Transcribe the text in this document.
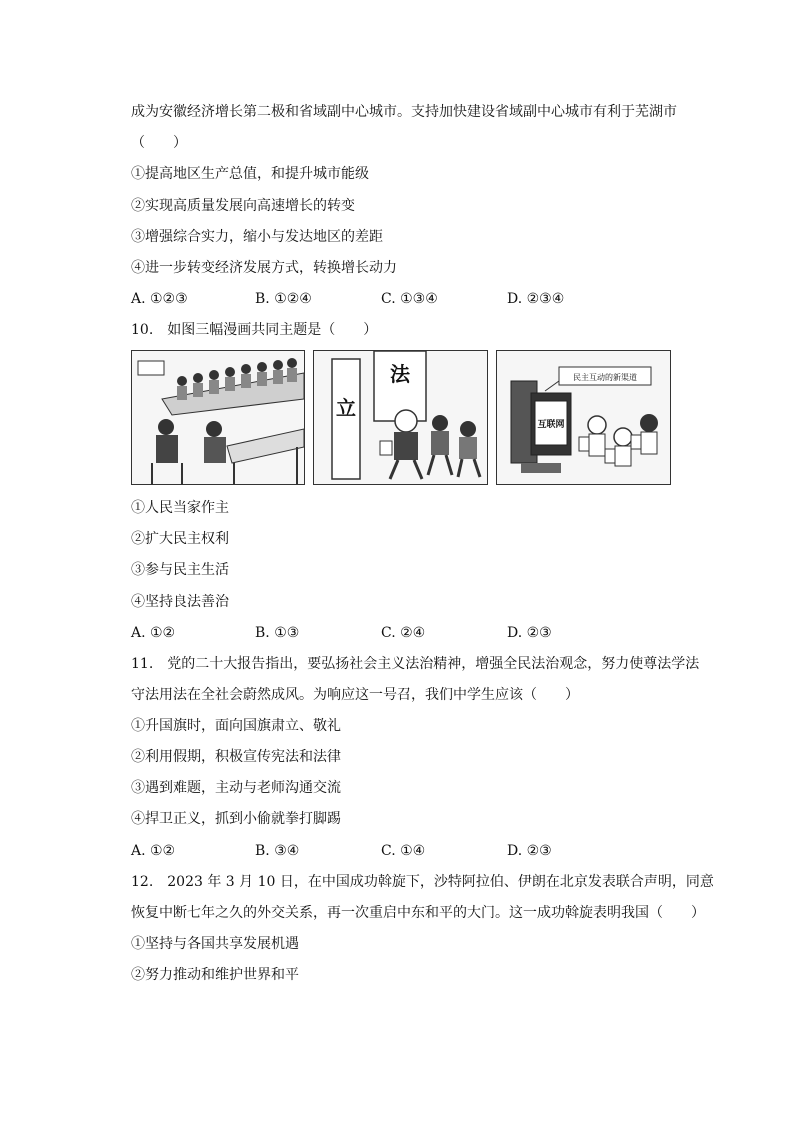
成为安徽经济增长第二极和省域副中心城市。支持加快建设省域副中心城市有利于芜湖市
（　　）
①提高地区生产总值，和提升城市能级
②实现高质量发展向高速增长的转变
③增强综合实力，缩小与发达地区的差距
④进一步转变经济发展方式，转换增长动力
A. ①②③	B. ①②④	C. ①③④	D. ②③④
10.　如图三幅漫画共同主题是（　　）
立
法
互联网
民主互动的新渠道
①人民当家作主
②扩大民主权利
③参与民主生活
④坚持良法善治
A. ①②	B. ①③	C. ②④	D. ②③
11.　党的二十大报告指出，要弘扬社会主义法治精神，增强全民法治观念，努力使尊法学法
守法用法在全社会蔚然成风。为响应这一号召，我们中学生应该（　　）
①升国旗时，面向国旗肃立、敬礼
②利用假期，积极宣传宪法和法律
③遇到难题，主动与老师沟通交流
④捍卫正义，抓到小偷就拳打脚踢
A. ①②	B. ③④	C. ①④	D. ②③
12.　2023 年 3 月 10 日，在中国成功斡旋下，沙特阿拉伯、伊朗在北京发表联合声明，同意
恢复中断七年之久的外交关系，再一次重启中东和平的大门。这一成功斡旋表明我国（　　）
①坚持与各国共享发展机遇
②努力推动和维护世界和平
